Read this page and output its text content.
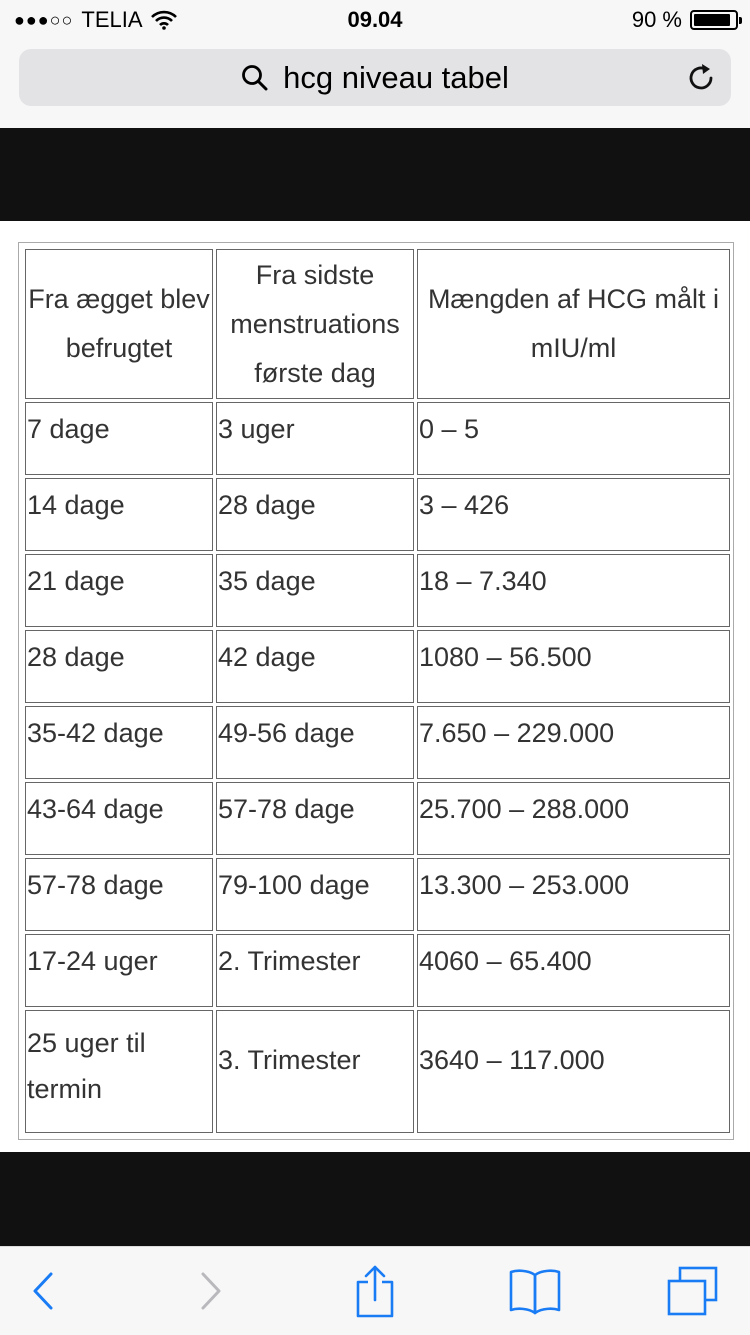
●●●○○ TELIA	09.04	90 %
hcg niveau tabel
Fra ægget blev befrugtet	Fra sidste menstruations første dag	Mængden af HCG målt i mIU/ml
7 dage	3 uger	0 – 5
14 dage	28 dage	3 – 426
21 dage	35 dage	18 – 7.340
28 dage	42 dage	1080 – 56.500
35-42 dage	49-56 dage	7.650 – 229.000
43-64 dage	57-78 dage	25.700 – 288.000
57-78 dage	79-100 dage	13.300 – 253.000
17-24 uger	2. Trimester	4060 – 65.400
25 uger til termin	3. Trimester	3640 – 117.000
